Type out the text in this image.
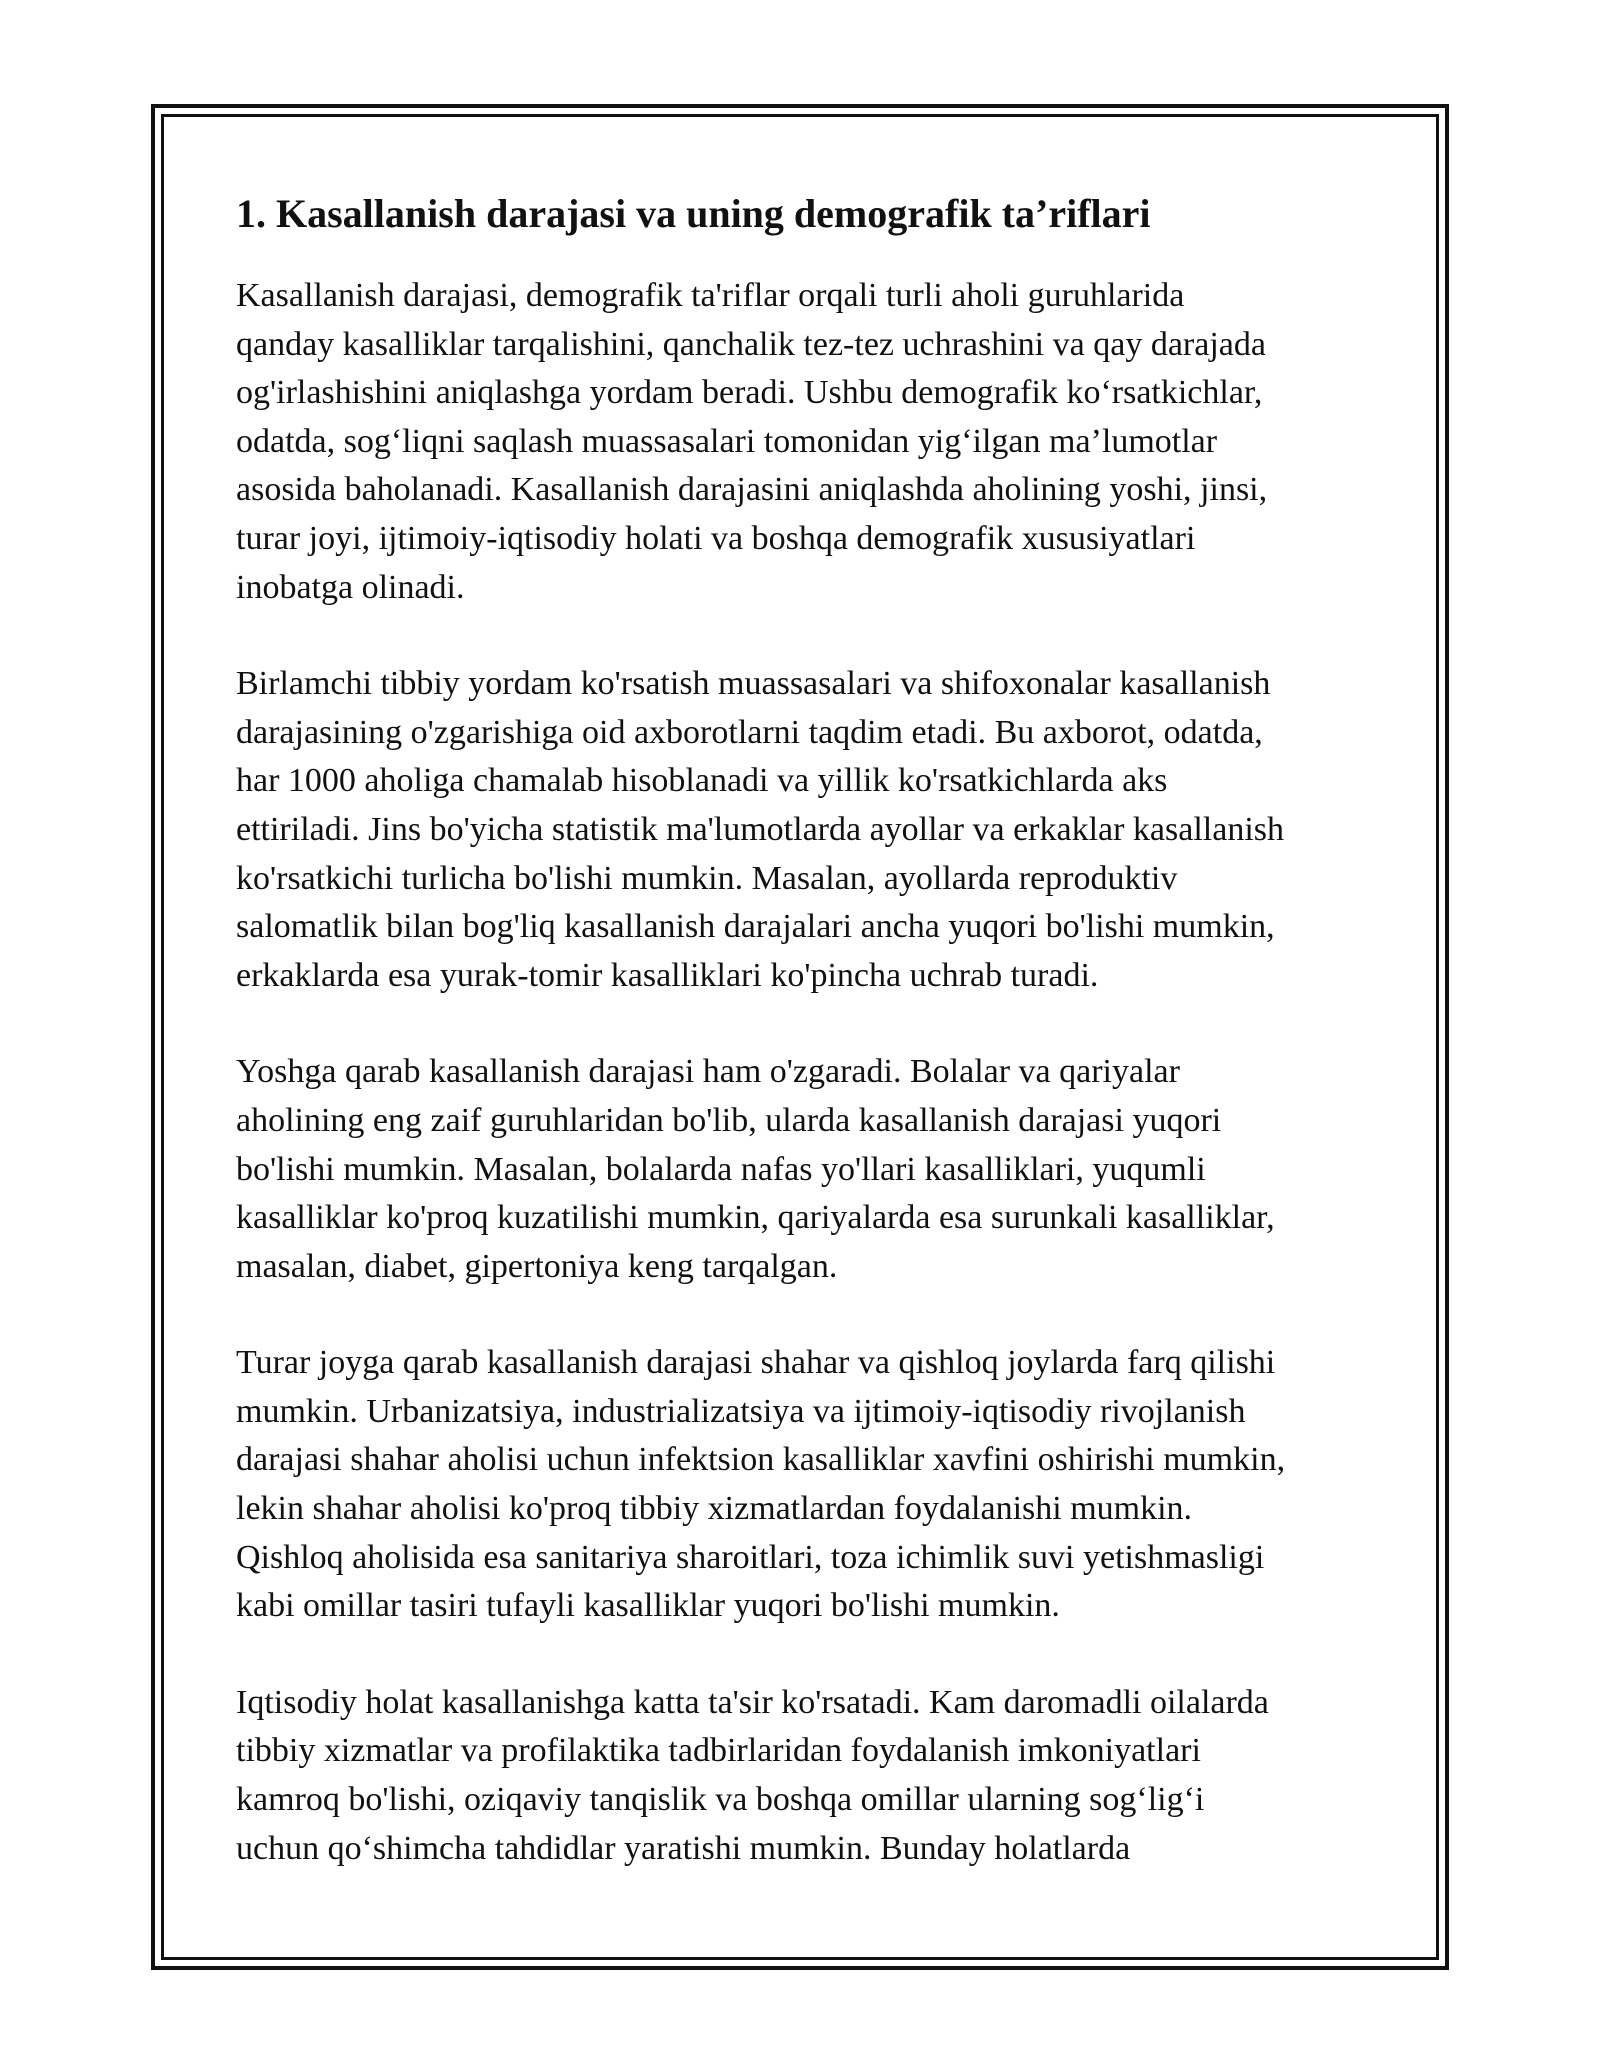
1. Kasallanish darajasi va uning demografik ta’riflari

Kasallanish darajasi, demografik ta'riflar orqali turli aholi guruhlarida
qanday kasalliklar tarqalishini, qanchalik tez-tez uchrashini va qay darajada
og'irlashishini aniqlashga yordam beradi. Ushbu demografik ko‘rsatkichlar,
odatda, sog‘liqni saqlash muassasalari tomonidan yig‘ilgan ma’lumotlar
asosida baholanadi. Kasallanish darajasini aniqlashda aholining yoshi, jinsi,
turar joyi, ijtimoiy-iqtisodiy holati va boshqa demografik xususiyatlari
inobatga olinadi.

Birlamchi tibbiy yordam ko'rsatish muassasalari va shifoxonalar kasallanish
darajasining o'zgarishiga oid axborotlarni taqdim etadi. Bu axborot, odatda,
har 1000 aholiga chamalab hisoblanadi va yillik ko'rsatkichlarda aks
ettiriladi. Jins bo'yicha statistik ma'lumotlarda ayollar va erkaklar kasallanish
ko'rsatkichi turlicha bo'lishi mumkin. Masalan, ayollarda reproduktiv
salomatlik bilan bog'liq kasallanish darajalari ancha yuqori bo'lishi mumkin,
erkaklarda esa yurak-tomir kasalliklari ko'pincha uchrab turadi.

Yoshga qarab kasallanish darajasi ham o'zgaradi. Bolalar va qariyalar
aholining eng zaif guruhlaridan bo'lib, ularda kasallanish darajasi yuqori
bo'lishi mumkin. Masalan, bolalarda nafas yo'llari kasalliklari, yuqumli
kasalliklar ko'proq kuzatilishi mumkin, qariyalarda esa surunkali kasalliklar,
masalan, diabet, gipertoniya keng tarqalgan.

Turar joyga qarab kasallanish darajasi shahar va qishloq joylarda farq qilishi
mumkin. Urbanizatsiya, industrializatsiya va ijtimoiy-iqtisodiy rivojlanish
darajasi shahar aholisi uchun infektsion kasalliklar xavfini oshirishi mumkin,
lekin shahar aholisi ko'proq tibbiy xizmatlardan foydalanishi mumkin.
Qishloq aholisida esa sanitariya sharoitlari, toza ichimlik suvi yetishmasligi
kabi omillar tasiri tufayli kasalliklar yuqori bo'lishi mumkin.

Iqtisodiy holat kasallanishga katta ta'sir ko'rsatadi. Kam daromadli oilalarda
tibbiy xizmatlar va profilaktika tadbirlaridan foydalanish imkoniyatlari
kamroq bo'lishi, oziqaviy tanqislik va boshqa omillar ularning sog‘lig‘i
uchun qo‘shimcha tahdidlar yaratishi mumkin. Bunday holatlarda
